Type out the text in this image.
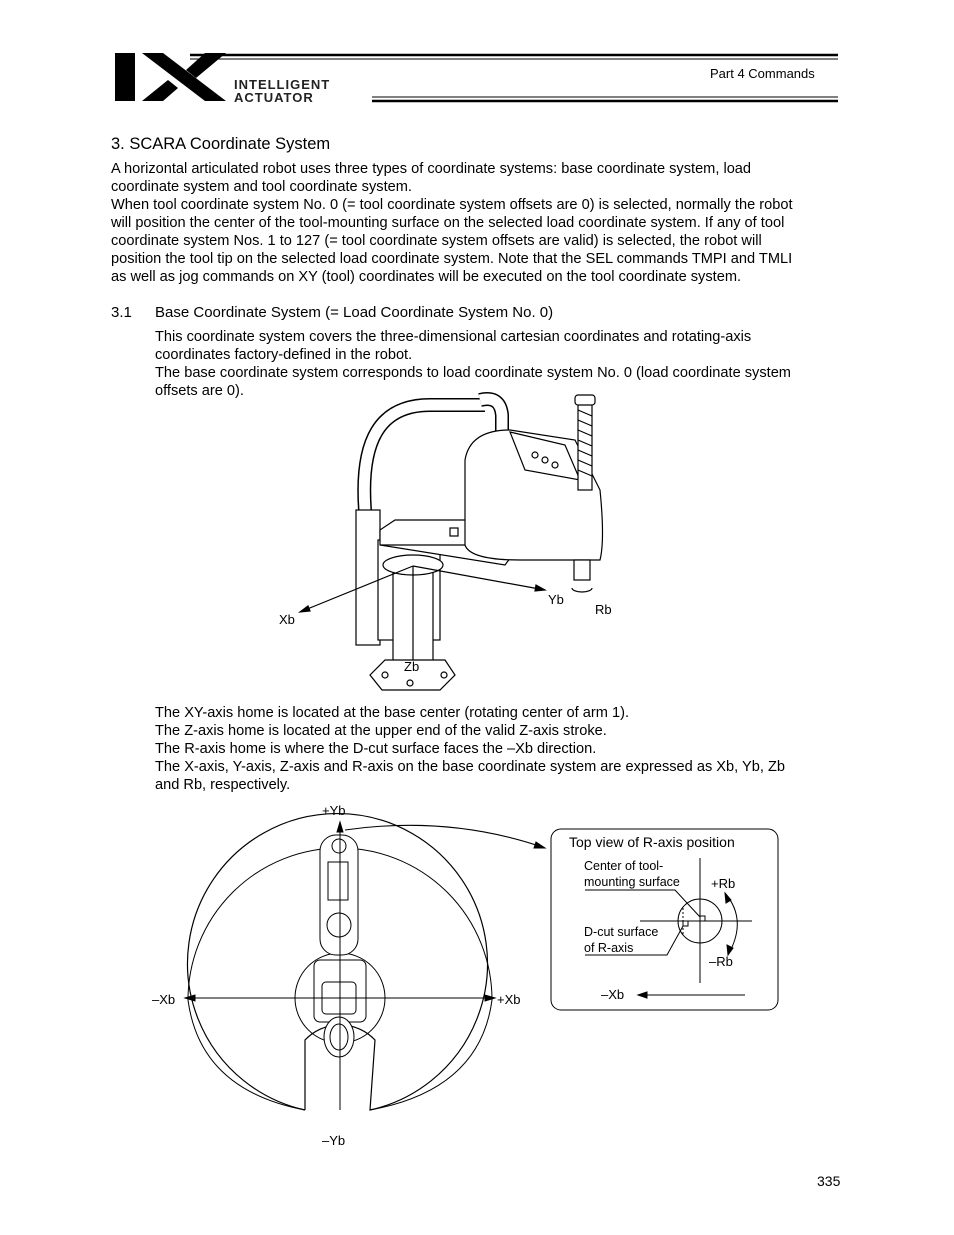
INTELLIGENT
ACTUATOR
Part 4 Commands
3. SCARA Coordinate System
A horizontal articulated robot uses three types of coordinate systems: base coordinate system, load
coordinate system and tool coordinate system.
When tool coordinate system No. 0 (= tool coordinate system offsets are 0) is selected, normally the robot
will position the center of the tool-mounting surface on the selected load coordinate system. If any of tool
coordinate system Nos. 1 to 127 (= tool coordinate system offsets are valid) is selected, the robot will
position the tool tip on the selected load coordinate system. Note that the SEL commands TMPI and TMLI
as well as jog commands on XY (tool) coordinates will be executed on the tool coordinate system.
3.1 Base Coordinate System (= Load Coordinate System No. 0)
This coordinate system covers the three-dimensional cartesian coordinates and rotating-axis
coordinates factory-defined in the robot.
The base coordinate system corresponds to load coordinate system No. 0 (load coordinate system
offsets are 0).
Xb
Yb
Rb
Zb
The XY-axis home is located at the base center (rotating center of arm 1).
The Z-axis home is located at the upper end of the valid Z-axis stroke.
The R-axis home is where the D-cut surface faces the –Xb direction.
The X-axis, Y-axis, Z-axis and R-axis on the base coordinate system are expressed as Xb, Yb, Zb
and Rb, respectively.
+Yb
–Yb
–Xb	+Xb
Top view of R-axis position
Center of tool-
mounting surface
D-cut surface
of R-axis
+Rb
–Rb
–Xb
335
